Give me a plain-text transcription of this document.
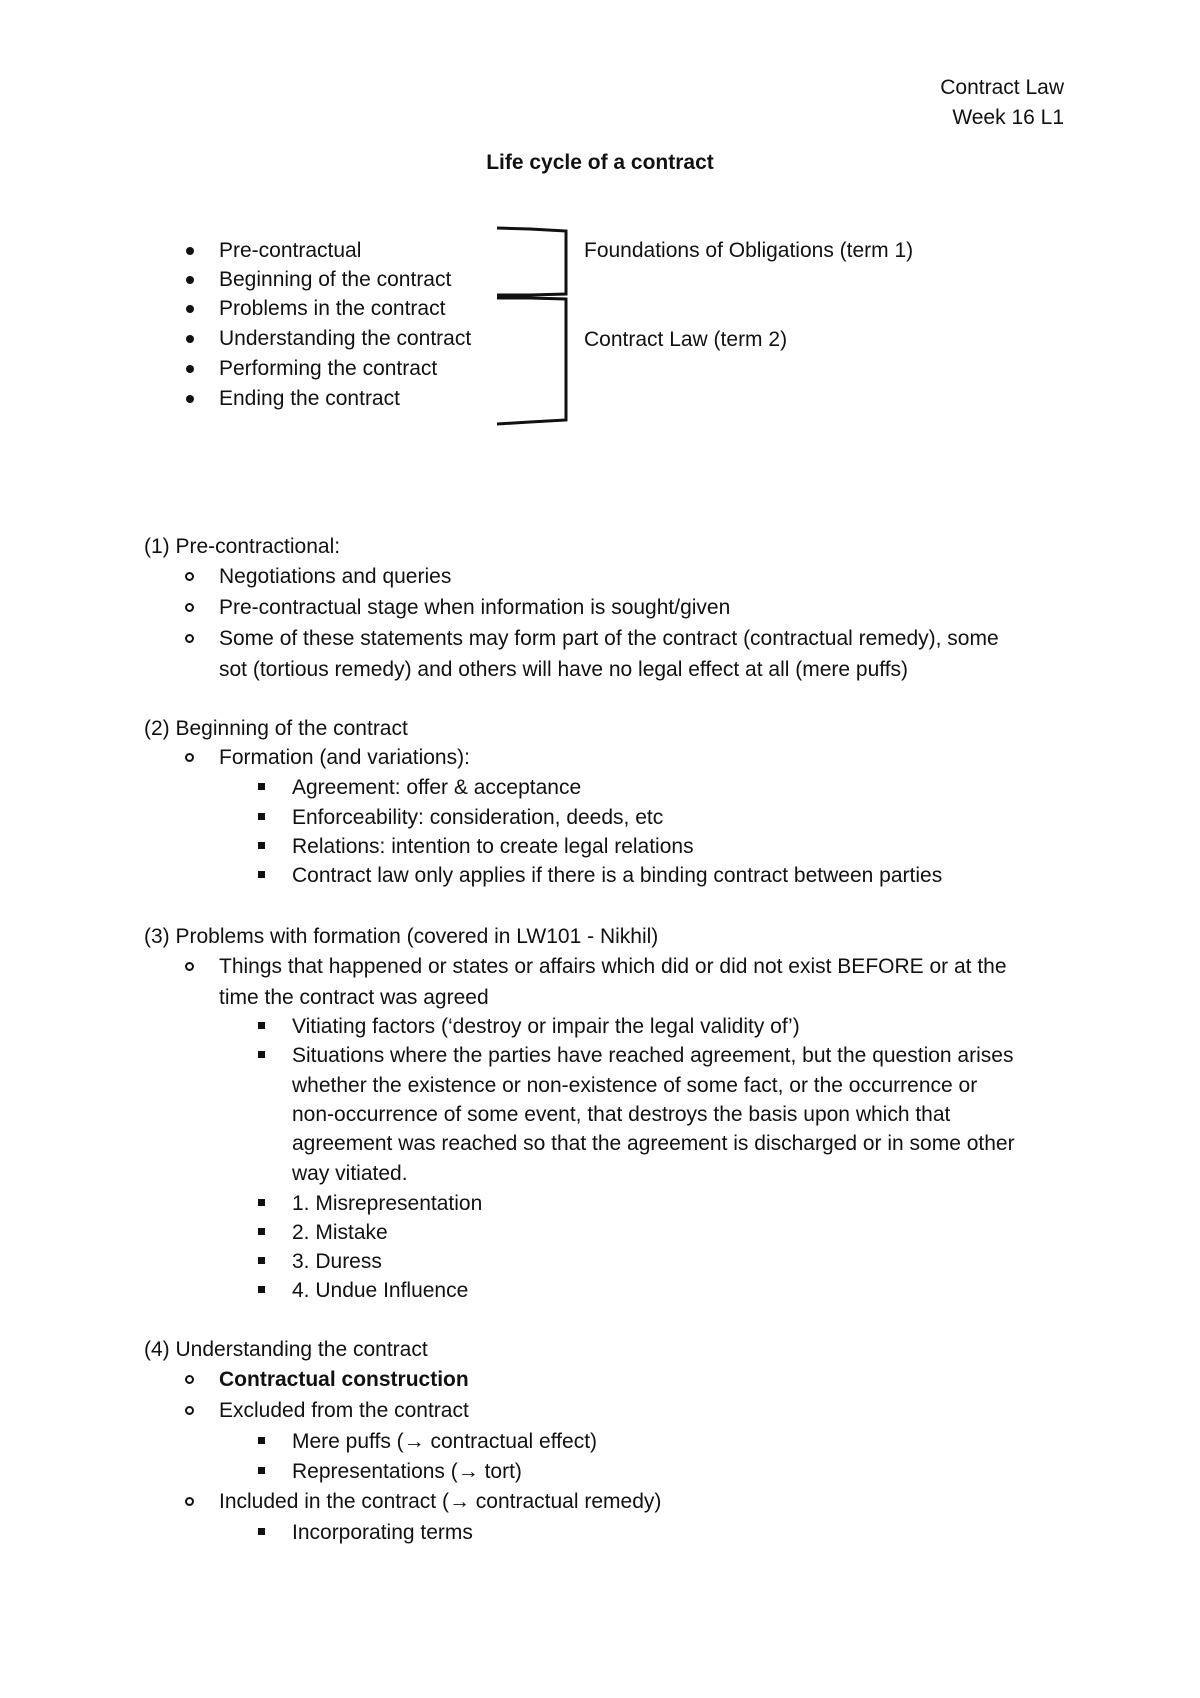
Contract Law
Week 16 L1
Life cycle of a contract
Pre-contractual
Beginning of the contract
Problems in the contract
Understanding the contract
Performing the contract
Ending the contract
Foundations of Obligations (term 1)
Contract Law (term 2)
(1) Pre-contractional:
Negotiations and queries
Pre-contractual stage when information is sought/given
Some of these statements may form part of the contract (contractual remedy), some
sot (tortious remedy) and others will have no legal effect at all (mere puffs)
(2) Beginning of the contract
Formation (and variations):
Agreement: offer & acceptance
Enforceability: consideration, deeds, etc
Relations: intention to create legal relations
Contract law only applies if there is a binding contract between parties
(3) Problems with formation (covered in LW101 - Nikhil)
Things that happened or states or affairs which did or did not exist BEFORE or at the
time the contract was agreed
Vitiating factors (‘destroy or impair the legal validity of’)
Situations where the parties have reached agreement, but the question arises
whether the existence or non-existence of some fact, or the occurrence or
non-occurrence of some event, that destroys the basis upon which that
agreement was reached so that the agreement is discharged or in some other
way vitiated.
1. Misrepresentation
2. Mistake
3. Duress
4. Undue Influence
(4) Understanding the contract
Contractual construction
Excluded from the contract
Mere puffs (→ contractual effect)
Representations (→ tort)
Included in the contract (→ contractual remedy)
Incorporating terms
